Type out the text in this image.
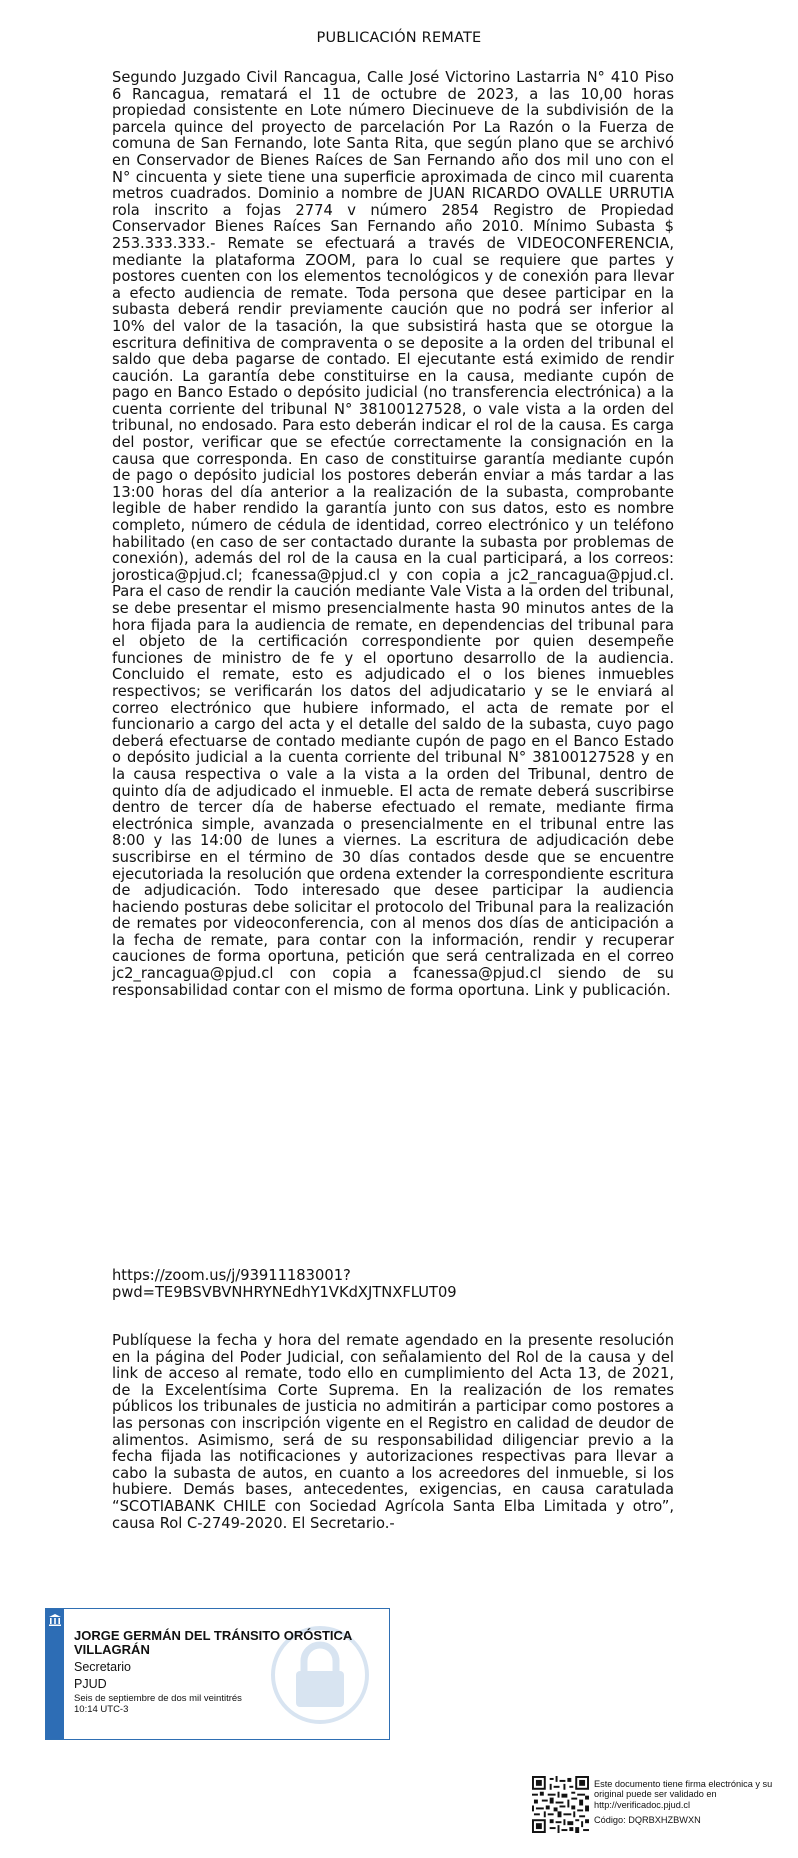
PUBLICACIÓN REMATE
Segundo Juzgado Civil Rancagua, Calle José Victorino Lastarria N° 410 Piso 6 Rancagua, rematará el 11 de octubre de 2023, a las 10,00 horas propiedad consistente en Lote número Diecinueve de la subdivisión de la parcela quince del proyecto de parcelación Por La Razón o la Fuerza de comuna de San Fernando, lote Santa Rita, que según plano que se archivó en Conservador de Bienes Raíces de San Fernando año dos mil uno con el N° cincuenta y siete tiene una superficie aproximada de cinco mil cuarenta metros cuadrados. Dominio a nombre de JUAN RICARDO OVALLE URRUTIA rola inscrito a fojas 2774 v número 2854 Registro de Propiedad Conservador Bienes Raíces San Fernando año 2010. Mínimo Subasta $ 253.333.333.- Remate se efectuará a través de VIDEOCONFERENCIA, mediante la plataforma ZOOM, para lo cual se requiere que partes y postores cuenten con los elementos tecnológicos y de conexión para llevar a efecto audiencia de remate. Toda persona que desee participar en la subasta deberá rendir previamente caución que no podrá ser inferior al 10% del valor de la tasación, la que subsistirá hasta que se otorgue la escritura definitiva de compraventa o se deposite a la orden del tribunal el saldo que deba pagarse de contado. El ejecutante está eximido de rendir caución. La garantía debe constituirse en la causa, mediante cupón de pago en Banco Estado o depósito judicial (no transferencia electrónica) a la cuenta corriente del tribunal N° 38100127528, o vale vista a la orden del tribunal, no endosado. Para esto deberán indicar el rol de la causa. Es carga del postor, verificar que se efectúe correctamente la consignación en la causa que corresponda. En caso de constituirse garantía mediante cupón de pago o depósito judicial los postores deberán enviar a más tardar a las 13:00 horas del día anterior a la realización de la subasta, comprobante legible de haber rendido la garantía junto con sus datos, esto es nombre completo, número de cédula de identidad, correo electrónico y un teléfono habilitado (en caso de ser contactado durante la subasta por problemas de conexión), además del rol de la causa en la cual participará, a los correos: jorostica@pjud.cl; fcanessa@pjud.cl y con copia a jc2_rancagua@pjud.cl. Para el caso de rendir la caución mediante Vale Vista a la orden del tribunal, se debe presentar el mismo presencialmente hasta 90 minutos antes de la hora fijada para la audiencia de remate, en dependencias del tribunal para el objeto de la certificación correspondiente por quien desempeñe funciones de ministro de fe y el oportuno desarrollo de la audiencia. Concluido el remate, esto es adjudicado el o los bienes inmuebles respectivos; se verificarán los datos del adjudicatario y se le enviará al correo electrónico que hubiere informado, el acta de remate por el funcionario a cargo del acta y el detalle del saldo de la subasta, cuyo pago deberá efectuarse de contado mediante cupón de pago en el Banco Estado o depósito judicial a la cuenta corriente del tribunal N° 38100127528 y en la causa respectiva o vale a la vista a la orden del Tribunal, dentro de quinto día de adjudicado el inmueble. El acta de remate deberá suscribirse dentro de tercer día de haberse efectuado el remate, mediante firma electrónica simple, avanzada o presencialmente en el tribunal entre las 8:00 y las 14:00 de lunes a viernes. La escritura de adjudicación debe suscribirse en el término de 30 días contados desde que se encuentre ejecutoriada la resolución que ordena extender la correspondiente escritura de adjudicación. Todo interesado que desee participar la audiencia haciendo posturas debe solicitar el protocolo del Tribunal para la realización de remates por videoconferencia, con al menos dos días de anticipación a la fecha de remate, para contar con la información, rendir y recuperar cauciones de forma oportuna, petición que será centralizada en el correo jc2_rancagua@pjud.cl con copia a fcanessa@pjud.cl siendo de su responsabilidad contar con el mismo de forma oportuna. Link y publicación.
https://zoom.us/j/93911183001?
pwd=TE9BSVBVNHRYNEdhY1VKdXJTNXFLUT09
Publíquese la fecha y hora del remate agendado en la presente resolución en la página del Poder Judicial, con señalamiento del Rol de la causa y del link de acceso al remate, todo ello en cumplimiento del Acta 13, de 2021, de la Excelentísima Corte Suprema. En la realización de los remates públicos los tribunales de justicia no admitirán a participar como postores a las personas con inscripción vigente en el Registro en calidad de deudor de alimentos. Asimismo, será de su responsabilidad diligenciar previo a la fecha fijada las notificaciones y autorizaciones respectivas para llevar a cabo la subasta de autos, en cuanto a los acreedores del inmueble, si los hubiere. Demás bases, antecedentes, exigencias, en causa caratulada “SCOTIABANK CHILE con Sociedad Agrícola Santa Elba Limitada y otro”, causa Rol C-2749-2020. El Secretario.-
JORGE GERMÁN DEL TRÁNSITO ORÓSTICA VILLAGRÁN
Secretario
PJUD
Seis de septiembre de dos mil veintitrés
10:14 UTC-3
Este documento tiene firma electrónica y su original puede ser validado en http://verificadoc.pjud.cl
Código: DQRBXHZBWXN
